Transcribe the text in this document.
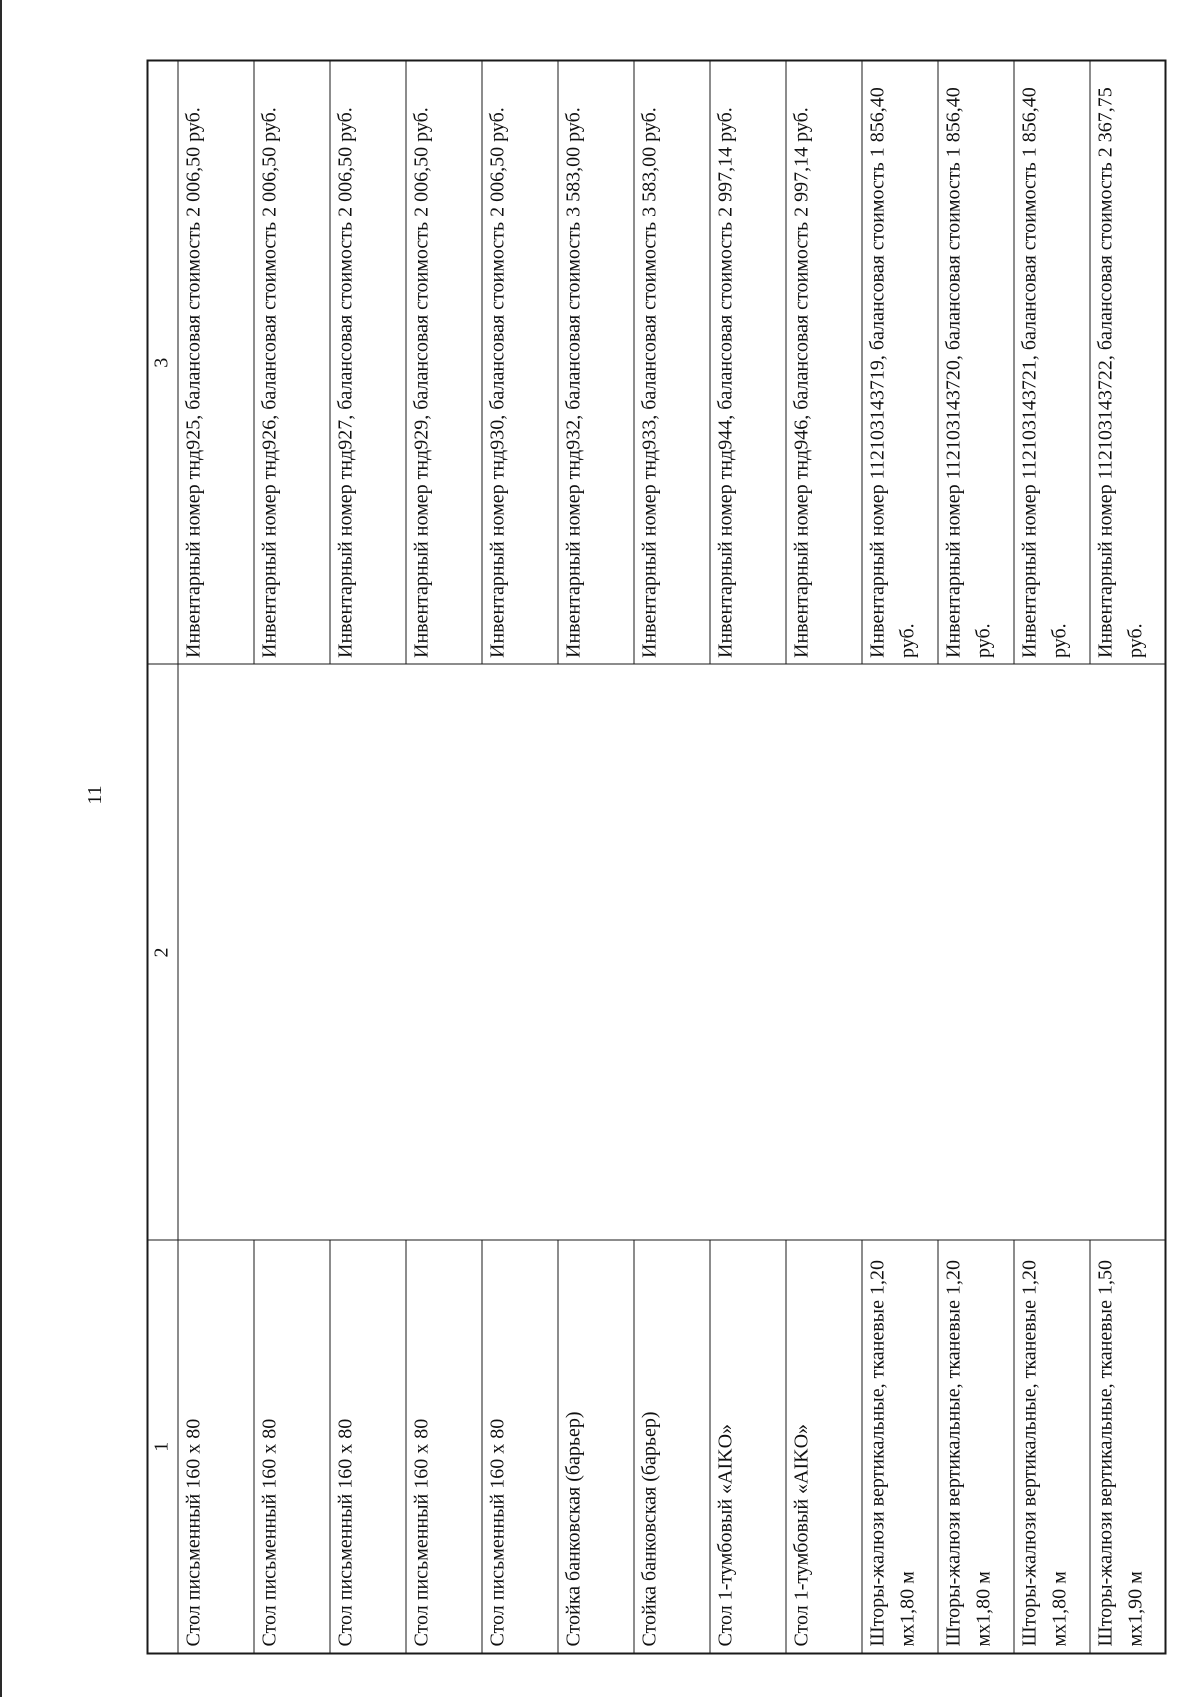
11
1	2	3
Стол письменный 160 х 80		Инвентарный номер тнд925, балансовая стоимость 2 006,50 руб.
Стол письменный 160 х 80		Инвентарный номер тнд926, балансовая стоимость 2 006,50 руб.
Стол письменный 160 х 80		Инвентарный номер тнд927, балансовая стоимость 2 006,50 руб.
Стол письменный 160 х 80		Инвентарный номер тнд929, балансовая стоимость 2 006,50 руб.
Стол письменный 160 х 80		Инвентарный номер тнд930, балансовая стоимость 2 006,50 руб.
Стойка банковская (барьер)		Инвентарный номер тнд932, балансовая стоимость 3 583,00 руб.
Стойка банковская (барьер)		Инвентарный номер тнд933, балансовая стоимость 3 583,00 руб.
Стол 1-тумбовый «AIKO»		Инвентарный номер тнд944, балансовая стоимость 2 997,14 руб.
Стол 1-тумбовый «AIKO»		Инвентарный номер тнд946, балансовая стоимость 2 997,14 руб.
Шторы-жалюзи вертикальные, тканевые 1,20 мх1,80 м		Инвентарный номер 112103143719, балансовая стоимость 1 856,40 руб.
Шторы-жалюзи вертикальные, тканевые 1,20 мх1,80 м		Инвентарный номер 112103143720, балансовая стоимость 1 856,40 руб.
Шторы-жалюзи вертикальные, тканевые 1,20 мх1,80 м		Инвентарный номер 112103143721, балансовая стоимость 1 856,40 руб.
Шторы-жалюзи вертикальные, тканевые 1,50 мх1,90 м		Инвентарный номер 112103143722, балансовая стоимость 2 367,75 руб.
